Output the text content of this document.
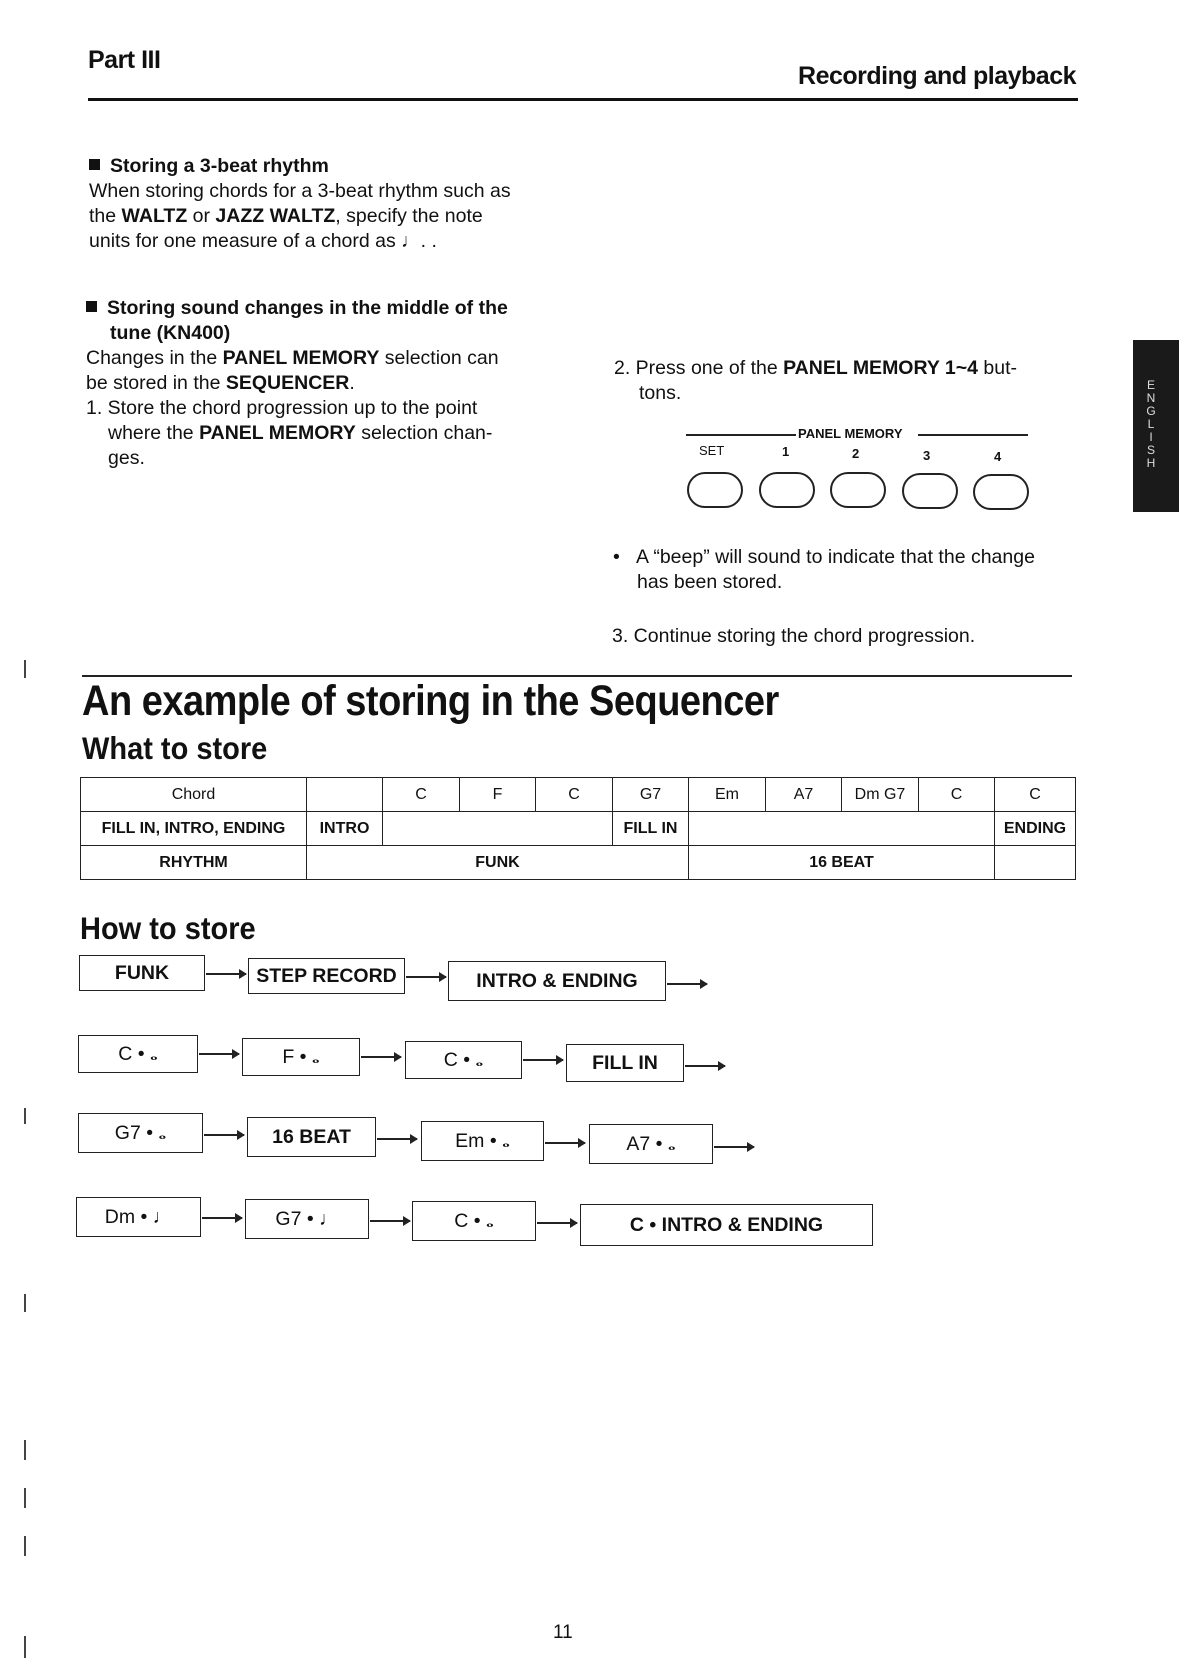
Part III
Recording and playback
Storing a 3-beat rhythm
When storing chords for a 3-beat rhythm such as
the WALTZ or JAZZ WALTZ, specify the note
units for one measure of a chord as ♩. .
Storing sound changes in the middle of the
tune (KN400)
Changes in the PANEL MEMORY selection can
be stored in the SEQUENCER.
1. Store the chord progression up to the point
where the PANEL MEMORY selection chan-
ges.
2. Press one of the PANEL MEMORY 1~4 but-
tons.
PANEL MEMORY
SET	1	2	3	4
• A “beep” will sound to indicate that the change
has been stored.
3. Continue storing the chord progression.
An example of storing in the Sequencer
What to store
Chord		C	F	C	G7	Em	A7	Dm G7	C	C
FILL IN, INTRO, ENDING	INTRO				FILL IN					ENDING
RHYTHM	FUNK					16 BEAT				
How to store
FUNK	STEP RECORD	INTRO & ENDING
C • 𝅝	F • 𝅝	C • 𝅝	FILL IN
G7 • 𝅝	16 BEAT	Em • 𝅝	A7 • 𝅝
Dm • ♩	G7 • ♩	C • 𝅝	C • INTRO & ENDING
ENGLISH
11
